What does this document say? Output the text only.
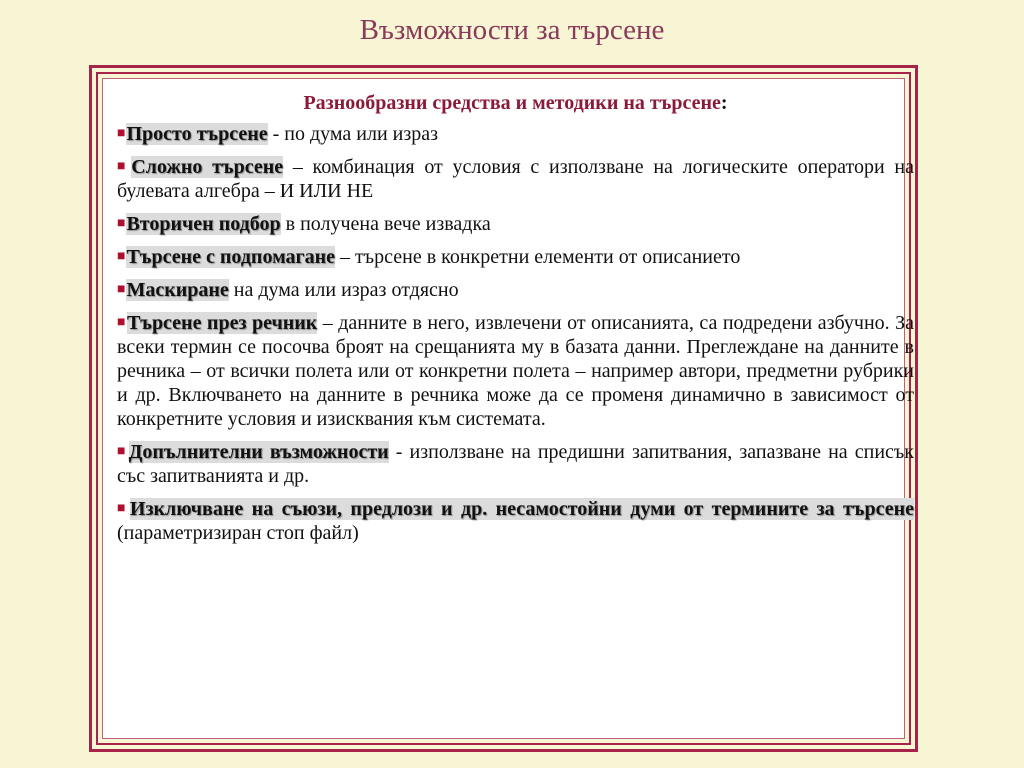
Възможности за търсене
Разнообразни средства и методики на търсене:
■Просто търсене - по дума или израз
■Сложно търсене – комбинация от условия с използване на логическите оператори на булевата алгебра – И ИЛИ НЕ
■Вторичен подбор в получена вече извадка
■Търсене с подпомагане – търсене в конкретни елементи от описанието
■Маскиране на дума или израз отдясно
■Търсене през речник – данните в него, извлечени от описанията, са подредени азбучно. За всеки термин се посочва броят на срещанията му в базата данни. Преглеждане на данните в речника – от всички полета или от конкретни полета – например автори, предметни рубрики и др. Включването на данните в речника може да се променя динамично в зависимост от конкретните условия и изисквания към системата.
■Допълнителни възможности - използване на предишни запитвания, запазване на списък със запитванията и др.
■Изключване на съюзи, предлози и др. несамостойни думи от термините за търсене (параметризиран стоп файл)
